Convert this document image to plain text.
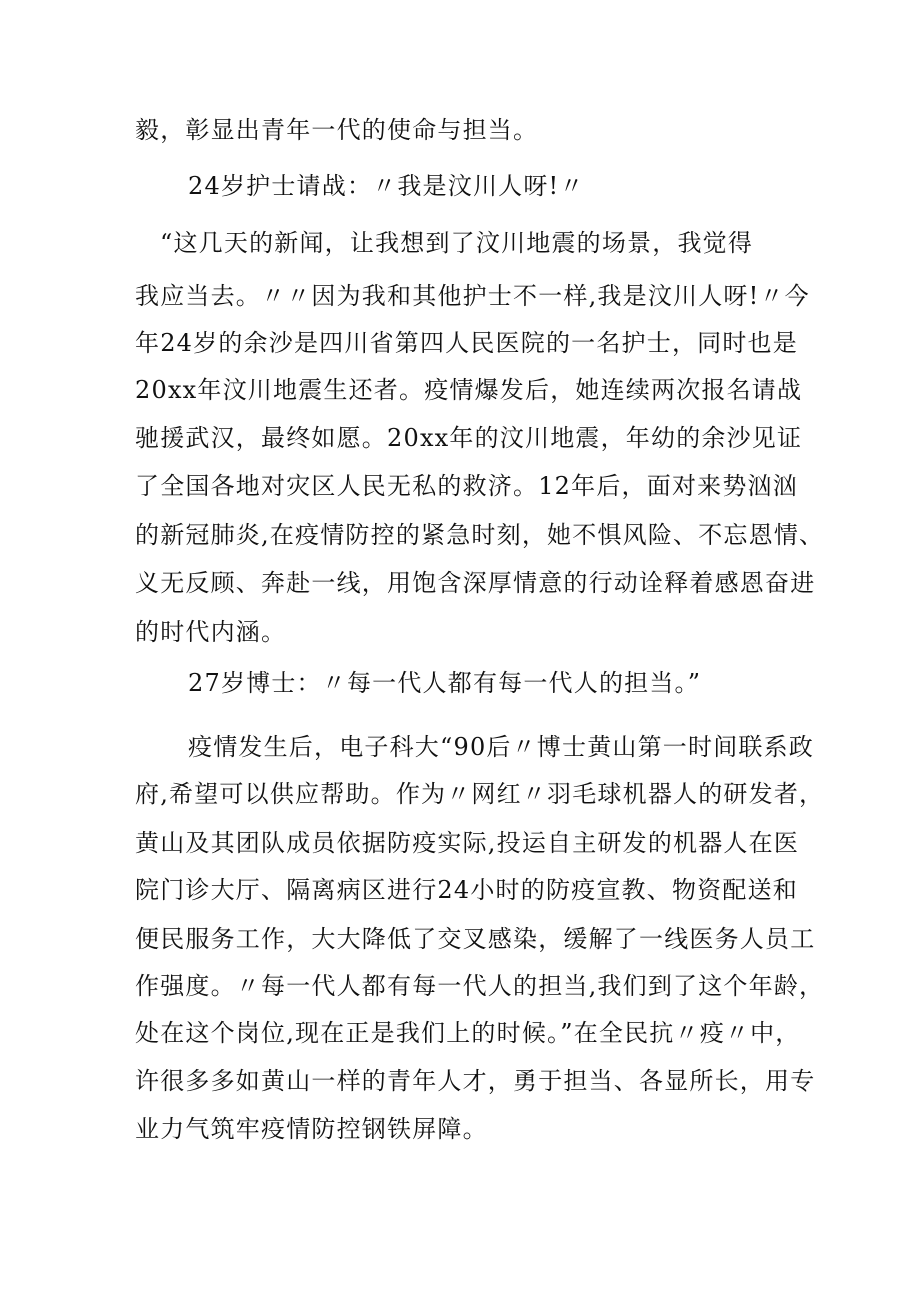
毅，彰显出青年一代的使命与担当。
24岁护士请战：〃我是汶川人呀!〃
“这几天的新闻，让我想到了汶川地震的场景，我觉得
我应当去。〃〃因为我和其他护士不一样,我是汶川人呀!〃今
年24岁的余沙是四川省第四人民医院的一名护士，同时也是
20xx年汶川地震生还者。疫情爆发后，她连续两次报名请战
驰援武汉，最终如愿。20xx年的汶川地震，年幼的余沙见证
了全国各地对灾区人民无私的救济。12年后，面对来势汹汹
的新冠肺炎,在疫情防控的紧急时刻，她不惧风险、不忘恩情、
义无反顾、奔赴一线，用饱含深厚情意的行动诠释着感恩奋进
的时代内涵。
27岁博士：〃每一代人都有每一代人的担当。”
疫情发生后，电子科大“90后〃博士黄山第一时间联系政
府,希望可以供应帮助。作为〃网红〃羽毛球机器人的研发者，
黄山及其团队成员依据防疫实际,投运自主研发的机器人在医
院门诊大厅、隔离病区进行24小时的防疫宣教、物资配送和
便民服务工作，大大降低了交叉感染，缓解了一线医务人员工
作强度。〃每一代人都有每一代人的担当,我们到了这个年龄，
处在这个岗位,现在正是我们上的时候。”在全民抗〃疫〃中，
许很多多如黄山一样的青年人才，勇于担当、各显所长，用专
业力气筑牢疫情防控钢铁屏障。
